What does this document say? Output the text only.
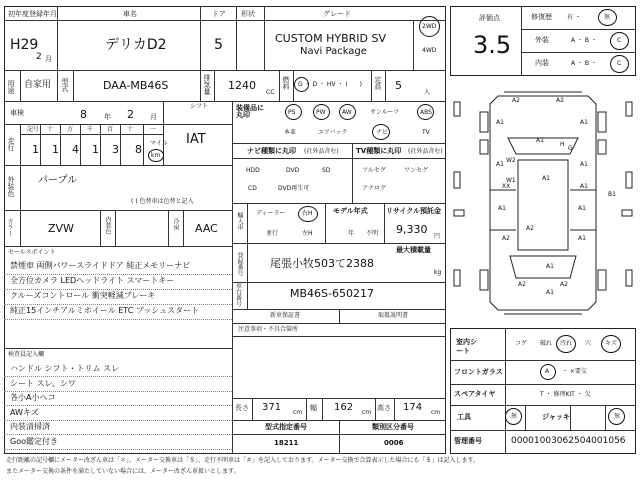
初年度登録年月	車名	ドア 形状	グレード
H29
2 月
デリカD2	5	CUSTOM HYBRID SV
Navi Package
2WD
4WD
用途 自家用 型式	DAA-MB46S	排気量 1240
CC
燃料 G ・ D ・ HV ・ (　　) 定員 5
人
車検	8 年 2 月
シフト
IAT
走行
記号 十 万 千 百 十	一
1 1 4 1 3 8 マイル
km
外装色 パープル
( ) 色替車は色替と記入
カラー	ZVW	内装色	冷房 AAC
セールスポイント
禁煙車 両側パワースライドドア 純正メモリーナビ
全方位カメラ LEDヘッドライト スマートキー
クルーズコントロール 衝突軽減ブレーキ
純正15インチアルミホイール ETC プッシュスタート
検査員記入欄
ハンドル シフト・トリム スレ
シート スレ、シワ
各小A小ヘコ
AWキズ
内装清掃済
Goo鑑定付き
装備品に丸印	PS	PW	AW	サンルーフ	ABS
本革	エアバック	ナビ	TV
ナビ種類に丸印 (社外品含む) TV種類に丸印 (社外品含む)
HDD	DVD	SD
CD	DVD再生可
フルセグ	ワンセグ
アナログ
輸入車 ディーラー	右H
並行	左H
モデル年式
年 不明
リサイクル預託金
9,330
円
登録番号
最大積載量
尾張小牧503て2388
kg
車台番号
MB46S-650217
新車保証書	取扱説明書
注意事項・不具合箇所
長さ 371 cm
幅 162 cm
高さ 174 cm
型式指定番号	類別区分番号
18211	0006
評価点
3.5
修復歴	有 ・	無
外装	A ・ B ・	C
内装	A ・ B ・	C
A2	A2
A1	A1
A1	A1
A1
W2
W1	A1
A2
XX	A1
B1
A1	A1
A1
A2	A1
A2	A2
A1
H
G
室内シート
コゲ 破れ 汚れ 穴 キズ
フロントガラス	A ・ ×要交
スペアタイヤ	T ・ 修理KIT ・ 欠
工具	無	ジャッキ	無
管理番号	00001003062504001056
走行距離の記号欄にメーター改ざん車は「＊」、メーター交換車は「＄」、走行不明車は「＃」を記入しております。メーター交換で合算表示した場合にも「＄」は記入します。
またメーター交換の条件を満たしていない場合には、メーター改ざん車扱いとします。
